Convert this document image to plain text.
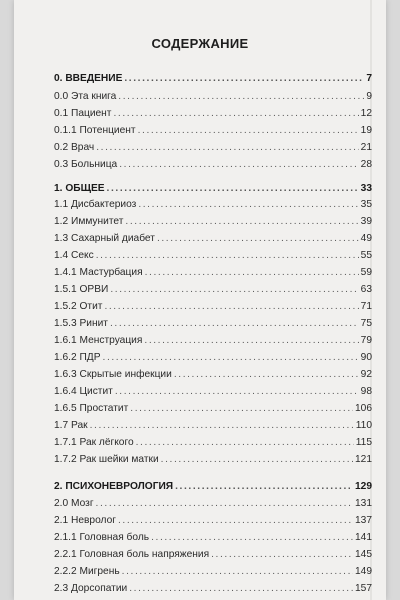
СОДЕРЖАНИЕ
0. ВВЕДЕНИЕ .....	7
0.0 Эта книга .....	9
0.1 Пациент .....	12
0.1.1 Потенциент .....	19
0.2 Врач .....	21
0.3 Больница .....	28
1. ОБЩЕЕ .....	33
1.1 Дисбактериоз .....	35
1.2 Иммунитет .....	39
1.3 Сахарный диабет .....	49
1.4 Секс .....	55
1.4.1 Мастурбация .....	59
1.5.1 ОРВИ .....	63
1.5.2 Отит .....	71
1.5.3 Ринит .....	75
1.6.1 Менструация .....	79
1.6.2 ПДР .....	90
1.6.3 Скрытые инфекции .....	92
1.6.4 Цистит .....	98
1.6.5 Простатит .....	106
1.7 Рак .....	110
1.7.1 Рак лёгкого .....	115
1.7.2 Рак шейки матки .....	121
2. ПСИХОНЕВРОЛОГИЯ .....	129
2.0 Мозг .....	131
2.1 Невролог .....	137
2.1.1 Головная боль .....	141
2.2.1 Головная боль напряжения .....	145
2.2.2 Мигрень .....	149
2.3 Дорсопатии .....	157
